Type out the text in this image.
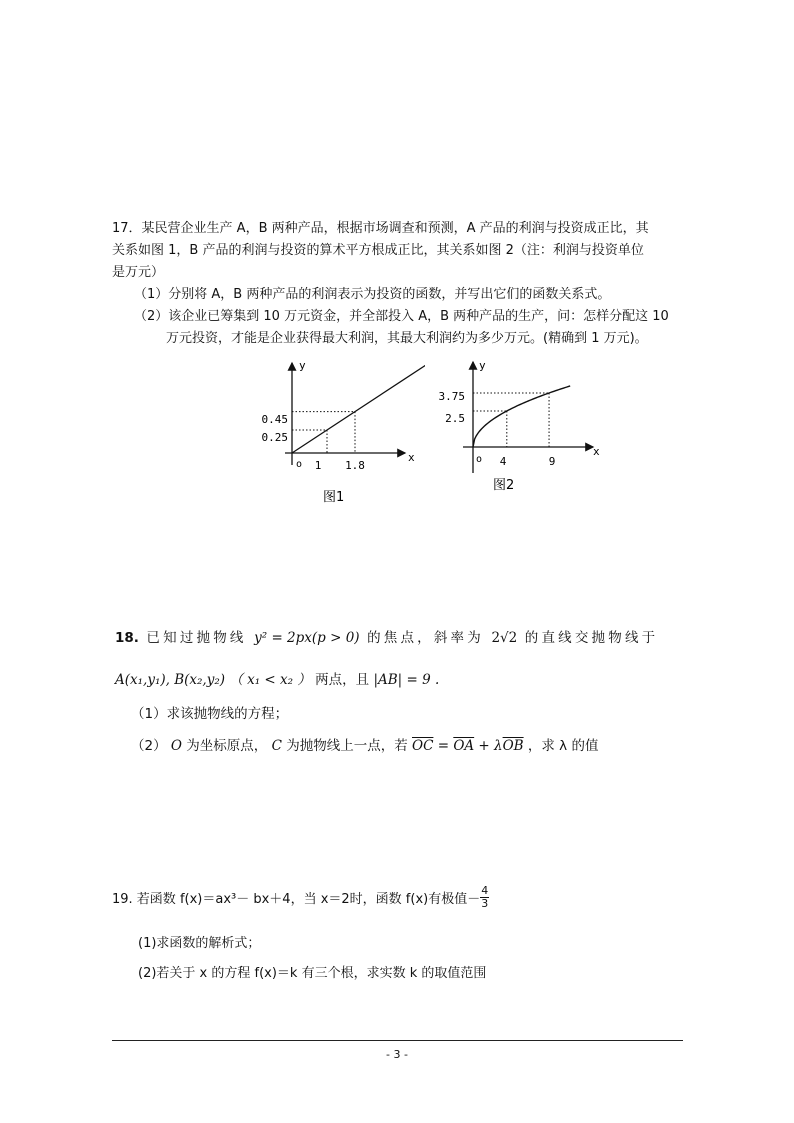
17．某民营企业生产 A，B 两种产品，根据市场调查和预测，A 产品的利润与投资成正比，其
关系如图 1，B 产品的利润与投资的算术平方根成正比，其关系如图 2（注：利润与投资单位
是万元）
（1）分别将 A，B 两种产品的利润表示为投资的函数，并写出它们的函数关系式。
（2）该企业已筹集到 10 万元资金，并全部投入 A，B 两种产品的生产，问：怎样分配这 10
万元投资，才能是企业获得最大利润，其最大利润约为多少万元。(精确到 1 万元)。
y
x
o
0.45
0.25
1 1.8
图1
y
x
o
3.75
2.5
4	9
图2
18. 已知过抛物线 y² = 2px(p > 0) 的焦点，斜率为 2√2 的直线交抛物线于
A(x₁,y₁), B(x₂,y₂) （ x₁ < x₂ ） 两点，且 |AB| = 9 .
（1）求该抛物线的方程；
（2） O 为坐标原点， C 为抛物线上一点，若 $\overline{OC} = \overline{OA} + \lambda\overline{OB}$ ，求 λ 的值
19. 若函数 f(x)＝ax³－ bx＋4，当 x＝2时，函数 f(x)有极值－ $\frac{4}{3}$
(1)求函数的解析式；
(2)若关于 x 的方程 f(x)＝k 有三个根，求实数 k 的取值范围
- 3 -
